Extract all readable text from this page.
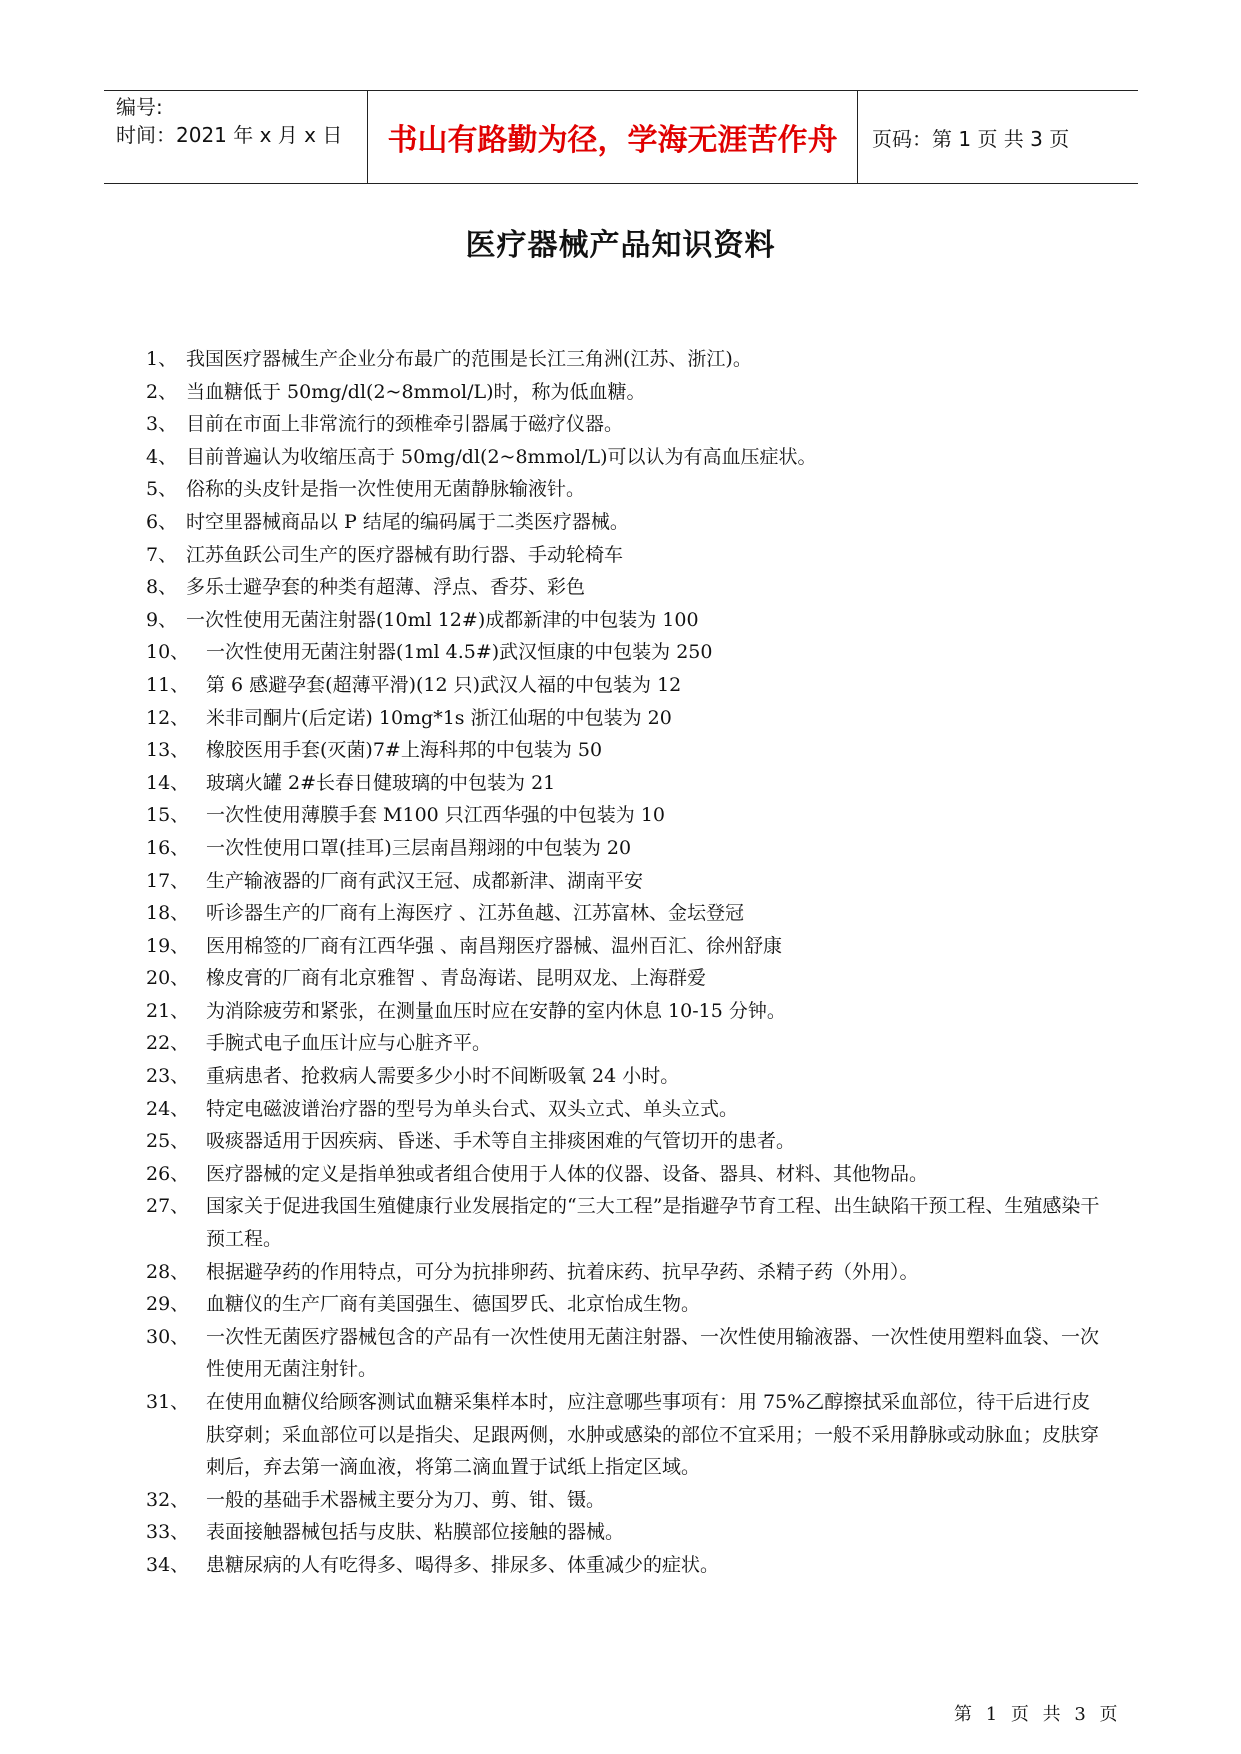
编号:
时间：2021 年 x 月 x 日	书山有路勤为径，学海无涯苦作舟	页码：第 1 页 共 3 页
医疗器械产品知识资料
1、 我国医疗器械生产企业分布最广的范围是长江三角洲(江苏、浙江)。
2、 当血糖低于 50mg/dl(2~8mmol/L)时，称为低血糖。
3、 目前在市面上非常流行的颈椎牵引器属于磁疗仪器。
4、 目前普遍认为收缩压高于 50mg/dl(2~8mmol/L)可以认为有高血压症状。
5、 俗称的头皮针是指一次性使用无菌静脉输液针。
6、 时空里器械商品以 P 结尾的编码属于二类医疗器械。
7、 江苏鱼跃公司生产的医疗器械有助行器、手动轮椅车
8、 多乐士避孕套的种类有超薄、浮点、香芬、彩色
9、 一次性使用无菌注射器(10ml 12#)成都新津的中包装为 100
10、 一次性使用无菌注射器(1ml 4.5#)武汉恒康的中包装为 250
11、 第 6 感避孕套(超薄平滑)(12 只)武汉人福的中包装为 12
12、 米非司酮片(后定诺) 10mg*1s 浙江仙琚的中包装为 20
13、 橡胶医用手套(灭菌)7#上海科邦的中包装为 50
14、 玻璃火罐 2#长春日健玻璃的中包装为 21
15、 一次性使用薄膜手套 M100 只江西华强的中包装为 10
16、 一次性使用口罩(挂耳)三层南昌翔翊的中包装为 20
17、 生产输液器的厂商有武汉王冠、成都新津、湖南平安
18、 听诊器生产的厂商有上海医疗 、江苏鱼越、江苏富林、金坛登冠
19、 医用棉签的厂商有江西华强 、南昌翔医疗器械、温州百汇、徐州舒康
20、 橡皮膏的厂商有北京雅智 、青岛海诺、昆明双龙、上海群爱
21、 为消除疲劳和紧张，在测量血压时应在安静的室内休息 10-15 分钟。
22、 手腕式电子血压计应与心脏齐平。
23、 重病患者、抢救病人需要多少小时不间断吸氧 24 小时。
24、 特定电磁波谱治疗器的型号为单头台式、双头立式、单头立式。
25、 吸痰器适用于因疾病、昏迷、手术等自主排痰困难的气管切开的患者。
26、 医疗器械的定义是指单独或者组合使用于人体的仪器、设备、器具、材料、其他物品。
27、 国家关于促进我国生殖健康行业发展指定的“三大工程”是指避孕节育工程、出生缺陷干预工程、生殖感染干预工程。
28、 根据避孕药的作用特点，可分为抗排卵药、抗着床药、抗早孕药、杀精子药（外用）。
29、 血糖仪的生产厂商有美国强生、德国罗氏、北京怡成生物。
30、 一次性无菌医疗器械包含的产品有一次性使用无菌注射器、一次性使用输液器、一次性使用塑料血袋、一次性使用无菌注射针。
31、 在使用血糖仪给顾客测试血糖采集样本时，应注意哪些事项有：用 75%乙醇擦拭采血部位，待干后进行皮肤穿刺；采血部位可以是指尖、足跟两侧，水肿或感染的部位不宜采用；一般不采用静脉或动脉血；皮肤穿刺后，弃去第一滴血液，将第二滴血置于试纸上指定区域。
32、 一般的基础手术器械主要分为刀、剪、钳、镊。
33、 表面接触器械包括与皮肤、粘膜部位接触的器械。
34、 患糖尿病的人有吃得多、喝得多、排尿多、体重减少的症状。
第 1 页 共 3 页
